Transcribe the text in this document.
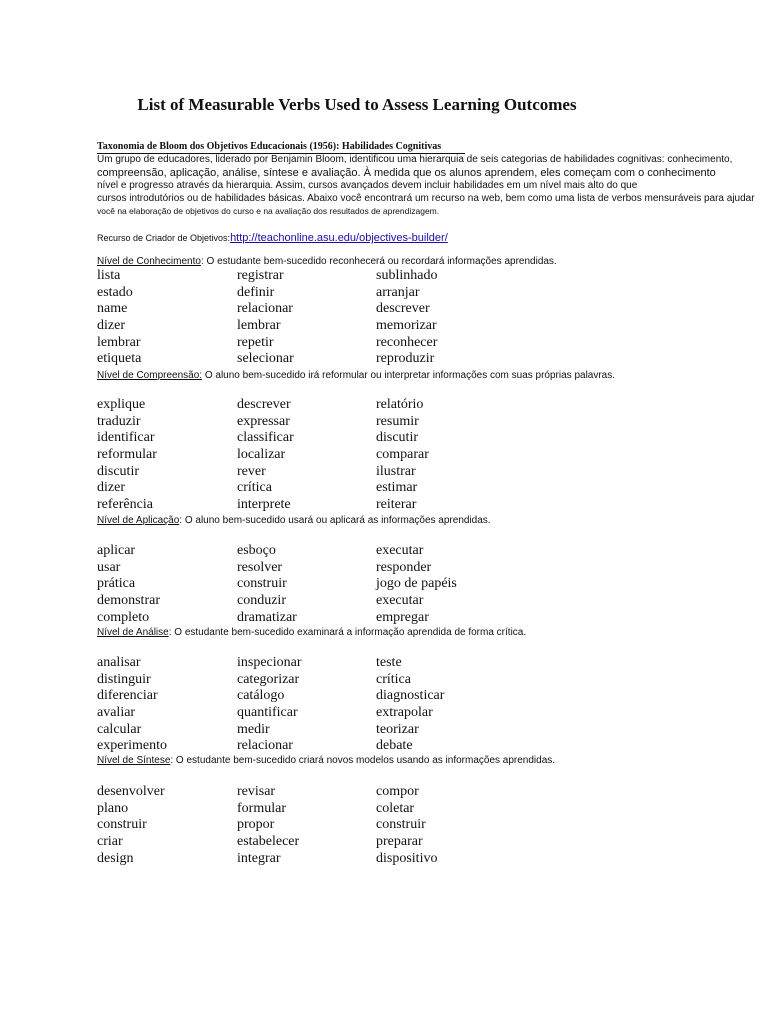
List of Measurable Verbs Used to Assess Learning Outcomes
Taxonomia de Bloom dos Objetivos Educacionais (1956): Habilidades Cognitivas
Um grupo de educadores, liderado por Benjamin Bloom, identificou uma hierarquia de seis categorias de habilidades cognitivas: conhecimento,
compreensão, aplicação, análise, síntese e avaliação. À medida que os alunos aprendem, eles começam com o conhecimento
nível e progresso através da hierarquia. Assim, cursos avançados devem incluir habilidades em um nível mais alto do que
cursos introdutórios ou de habilidades básicas. Abaixo você encontrará um recurso na web, bem como uma lista de verbos mensuráveis para ajudar
você na elaboração de objetivos do curso e na avaliação dos resultados de aprendizagem.
Recurso de Criador de Objetivos:http://teachonline.asu.edu/objectives-builder/
Nível de Conhecimento: O estudante bem-sucedido reconhecerá ou recordará informações aprendidas.
lista	registrar	sublinhado
estado	definir	arranjar
name	relacionar	descrever
dizer	lembrar	memorizar
lembrar	repetir	reconhecer
etiqueta	selecionar	reproduzir
Nível de Compreensão: O aluno bem-sucedido irá reformular ou interpretar informações com suas próprias palavras.
explique	descrever	relatório
traduzir	expressar	resumir
identificar	classificar	discutir
reformular	localizar	comparar
discutir	rever	ilustrar
dizer	crítica	estimar
referência	interprete	reiterar
Nível de Aplicação: O aluno bem-sucedido usará ou aplicará as informações aprendidas.
aplicar	esboço	executar
usar	resolver	responder
prática	construir	jogo de papéis
demonstrar	conduzir	executar
completo	dramatizar	empregar
Nível de Análise: O estudante bem-sucedido examinará a informação aprendida de forma crítica.
analisar	inspecionar	teste
distinguir	categorizar	crítica
diferenciar	catálogo	diagnosticar
avaliar	quantificar	extrapolar
calcular	medir	teorizar
experimento	relacionar	debate
Nível de Síntese: O estudante bem-sucedido criará novos modelos usando as informações aprendidas.
desenvolver	revisar	compor
plano	formular	coletar
construir	propor	construir
criar	estabelecer	preparar
design	integrar	dispositivo
